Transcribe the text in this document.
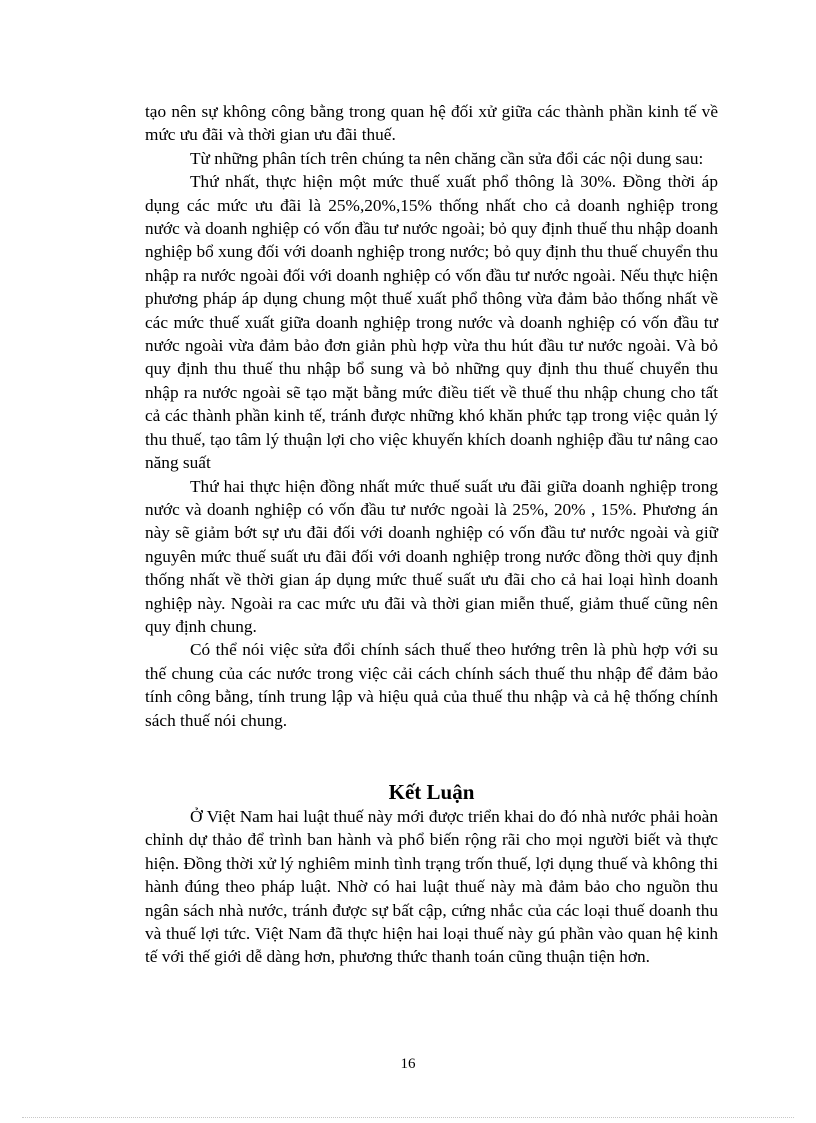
tạo nên sự không công bằng trong quan hệ đối xử giữa các thành phần kinh tế về mức ưu đãi và thời gian ưu đãi thuế.

Từ những phân tích trên chúng ta nên chăng cần sửa đổi các nội dung sau:

Thứ nhất, thực hiện một mức thuế xuất phổ thông là 30%. Đồng thời áp dụng các mức ưu đãi là 25%,20%,15% thống nhất cho cả doanh nghiệp trong nước và doanh nghiệp có vốn đầu tư nước ngoài; bỏ quy định thuế thu nhập doanh nghiệp bổ xung đối với doanh nghiệp trong nước; bỏ quy định thu thuế chuyển thu nhập ra nước ngoài đối với doanh nghiệp có vốn đầu tư nước ngoài. Nếu thực hiện phương pháp áp dụng chung một thuế xuất phổ thông vừa đảm bảo thống nhất về các mức thuế xuất giữa doanh nghiệp trong nước và doanh nghiệp có vốn đầu tư nước ngoài vừa đảm bảo đơn giản phù hợp vừa thu hút đầu tư nước ngoài. Và bỏ quy định thu thuế thu nhập bổ sung và bỏ những quy định thu thuế chuyển thu nhập ra nước ngoài sẽ tạo mặt bằng mức điều tiết về thuế thu nhập chung cho tất cả các thành phần kinh tế, tránh được những khó khăn phức tạp trong việc quản lý thu thuế, tạo tâm lý thuận lợi cho việc khuyến khích doanh nghiệp đầu tư nâng cao năng suất

Thứ hai thực hiện đồng nhất mức thuế suất ưu đãi giữa doanh nghiệp trong nước và doanh nghiệp có vốn đầu tư nước ngoài là 25%, 20% , 15%. Phương án này sẽ giảm bớt sự ưu đãi đối với doanh nghiệp có vốn đầu tư nước ngoài và giữ nguyên mức thuế suất ưu đãi đối với doanh nghiệp trong nước đồng thời quy định thống nhất về thời gian áp dụng mức thuế suất ưu đãi cho cả hai loại hình doanh nghiệp này. Ngoài ra cac mức ưu đãi và thời gian miễn thuế, giảm thuế cũng nên quy định chung.

Có thể nói việc sửa đổi chính sách thuế theo hướng trên là phù hợp với su thế chung của các nước trong việc cải cách chính sách thuế thu nhập để đảm bảo tính công bằng, tính trung lập và hiệu quả của thuế thu nhập và cả hệ thống chính sách thuế nói chung.

Kết Luận

Ở Việt Nam hai luật thuế này mới được triển khai do đó nhà nước phải hoàn chỉnh dự thảo để trình ban hành và phổ biến rộng rãi cho mọi người biết và thực hiện. Đồng thời xử lý nghiêm minh tình trạng trốn thuế, lợi dụng thuế và không thi hành đúng theo pháp luật. Nhờ có hai luật thuế này mà đảm bảo cho nguồn thu ngân sách nhà nước, tránh được sự bất cập, cứng nhắc của các loại thuế doanh thu và thuế lợi tức. Việt Nam đã thực hiện hai loại thuế này gú phần vào quan hệ kinh tế với thế giới dễ dàng hơn, phương thức thanh toán cũng thuận tiện hơn.

16
